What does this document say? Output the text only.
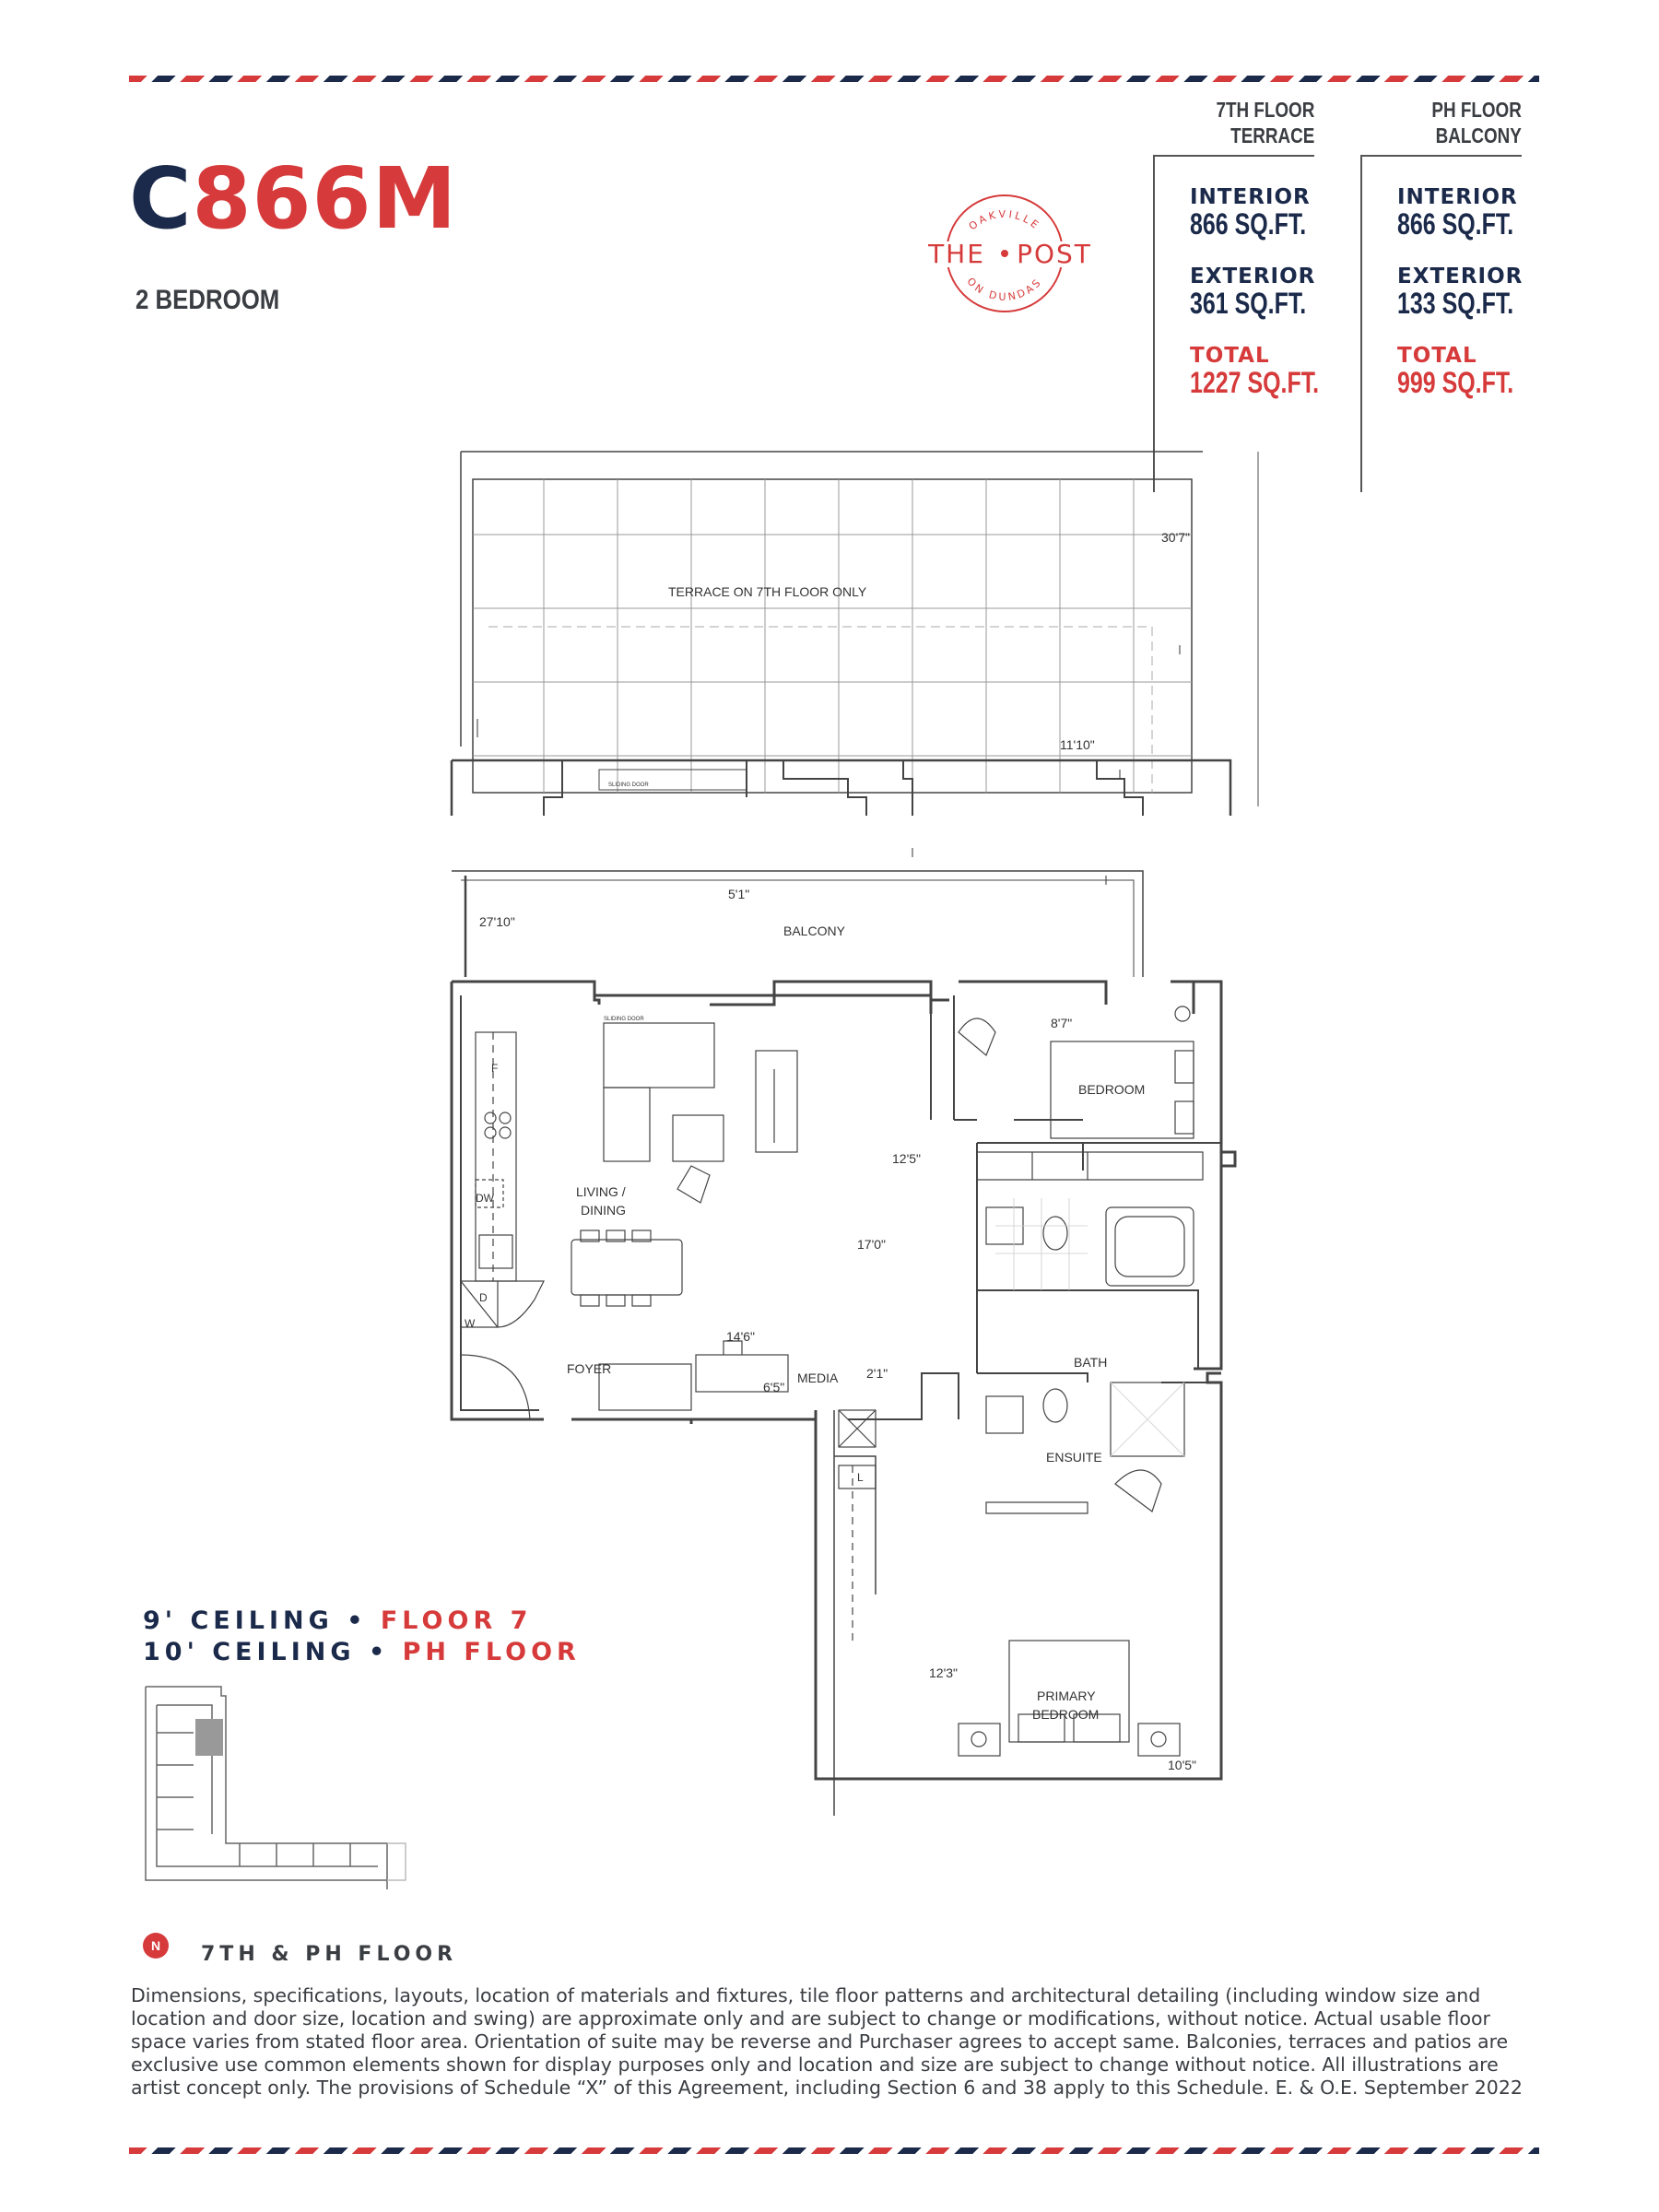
C866M
2 BEDROOM
OAKVILLE
ON DUNDAS
THE POST
7TH FLOOR
TERRACE
INTERIOR
866 SQ.FT.
EXTERIOR
361 SQ.FT.
TOTAL
1227 SQ.FT.
PH FLOOR
BALCONY
INTERIOR
866 SQ.FT.
EXTERIOR
133 SQ.FT.
TOTAL
999 SQ.FT.
TERRACE ON 7TH FLOOR ONLY
30'7"
11'10"
SLIDING DOOR
BALCONY
27'10"
5'1"
SLIDING DOOR
LIVING /
DINING
17'0"
14'6"
FOYER
MEDIA
6'5"
2'1"
BEDROOM
12'5"
8'7"
BATH
ENSUITE
PRIMARY
BEDROOM
12'3"
10'5"
F
DW
D
W
L
9' CEILING • FLOOR 7
10' CEILING • PH FLOOR
N	7TH & PH FLOOR
Dimensions, specifications, layouts, location of materials and fixtures, tile floor patterns and architectural detailing (including window size and location and door size, location and swing) are approximate only and are subject to change or modifications, without notice. Actual usable floor space varies from stated floor area. Orientation of suite may be reverse and Purchaser agrees to accept same. Balconies, terraces and patios are exclusive use common elements shown for display purposes only and location and size are subject to change without notice. All illustrations are artist concept only. The provisions of Schedule “X” of this Agreement, including Section 6 and 38 apply to this Schedule. E. & O.E. September 2022
